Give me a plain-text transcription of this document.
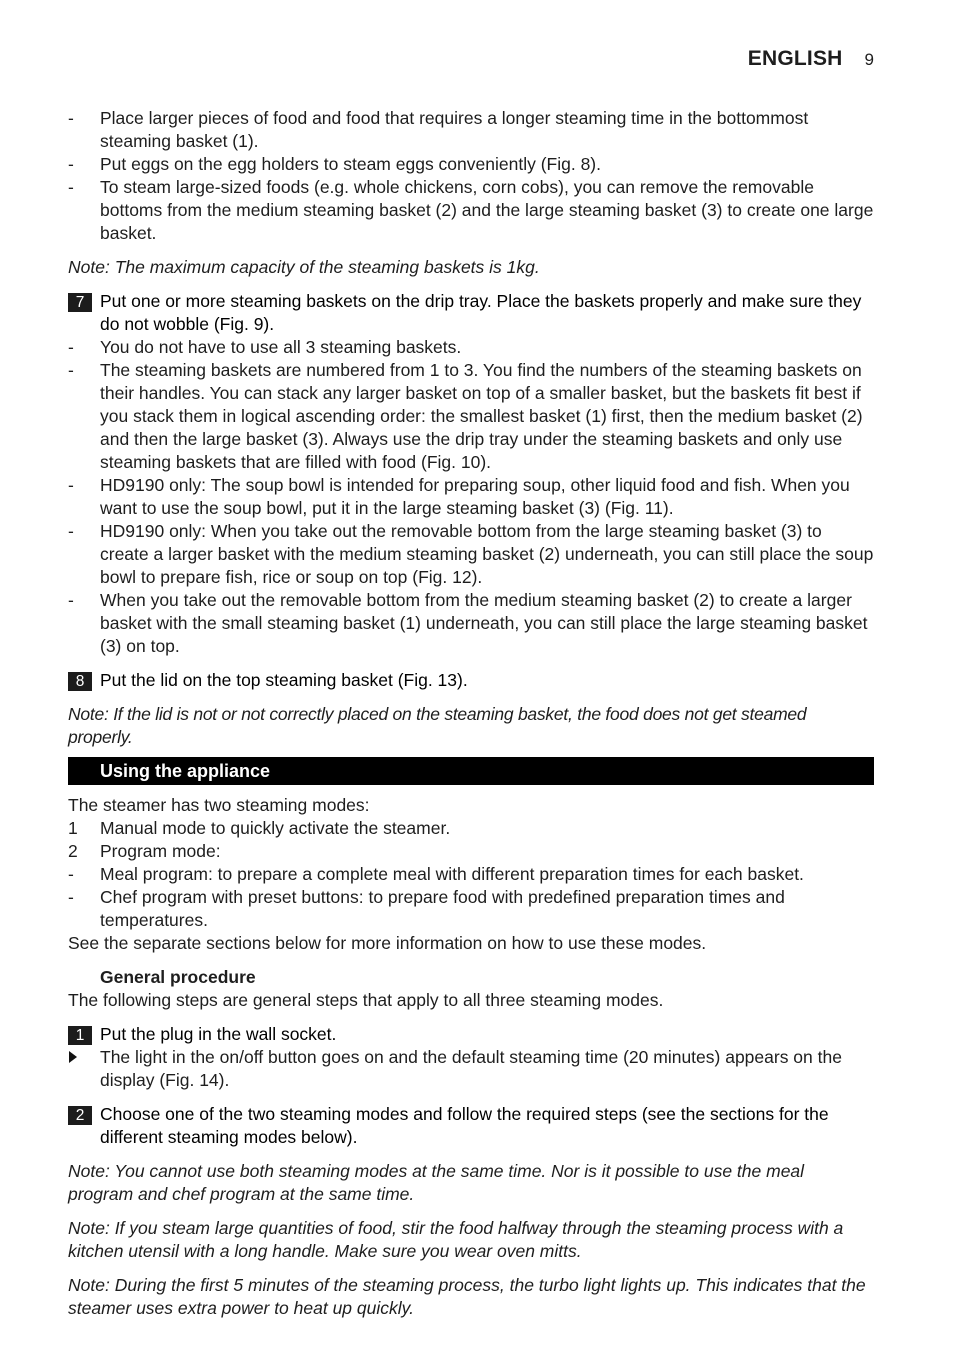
ENGLISH 9
-	Place larger pieces of food and food that requires a longer steaming time in the bottommost steaming basket (1).
-	Put eggs on the egg holders to steam eggs conveniently (Fig. 8).
-	To steam large-sized foods (e.g. whole chickens, corn cobs), you can remove the removable bottoms from the medium steaming basket (2) and the large steaming basket (3) to create one large basket.
Note: The maximum capacity of the steaming baskets is 1kg.
7 Put one or more steaming baskets on the drip tray. Place the baskets properly and make sure they do not wobble (Fig. 9).
-	You do not have to use all 3 steaming baskets.
-	The steaming baskets are numbered from 1 to 3. You find the numbers of the steaming baskets on their handles. You can stack any larger basket on top of a smaller basket, but the baskets fit best if you stack them in logical ascending order: the smallest basket (1) first, then the medium basket (2) and then the large basket (3). Always use the drip tray under the steaming baskets and only use steaming baskets that are filled with food (Fig. 10).
-	HD9190 only: The soup bowl is intended for preparing soup, other liquid food and fish. When you want to use the soup bowl, put it in the large steaming basket (3) (Fig. 11).
-	HD9190 only: When you take out the removable bottom from the large steaming basket (3) to create a larger basket with the medium steaming basket (2) underneath, you can still place the soup bowl to prepare fish, rice or soup on top (Fig. 12).
-	When you take out the removable bottom from the medium steaming basket (2) to create a larger basket with the small steaming basket (1) underneath, you can still place the large steaming basket (3) on top.
8 Put the lid on the top steaming basket (Fig. 13).
Note: If the lid is not or not correctly placed on the steaming basket, the food does not get steamed properly.
Using the appliance
The steamer has two steaming modes:
1	Manual mode to quickly activate the steamer.
2	Program mode:
-	Meal program: to prepare a complete meal with different preparation times for each basket.
-	Chef program with preset buttons: to prepare food with predefined preparation times and temperatures.
See the separate sections below for more information on how to use these modes.
General procedure
The following steps are general steps that apply to all three steaming modes.
1 Put the plug in the wall socket.
The light in the on/off button goes on and the default steaming time (20 minutes) appears on the display (Fig. 14).
2 Choose one of the two steaming modes and follow the required steps (see the sections for the different steaming modes below).
Note: You cannot use both steaming modes at the same time. Nor is it possible to use the meal program and chef program at the same time.
Note: If you steam large quantities of food, stir the food halfway through the steaming process with a kitchen utensil with a long handle. Make sure you wear oven mitts.
Note: During the first 5 minutes of the steaming process, the turbo light lights up. This indicates that the steamer uses extra power to heat up quickly.
